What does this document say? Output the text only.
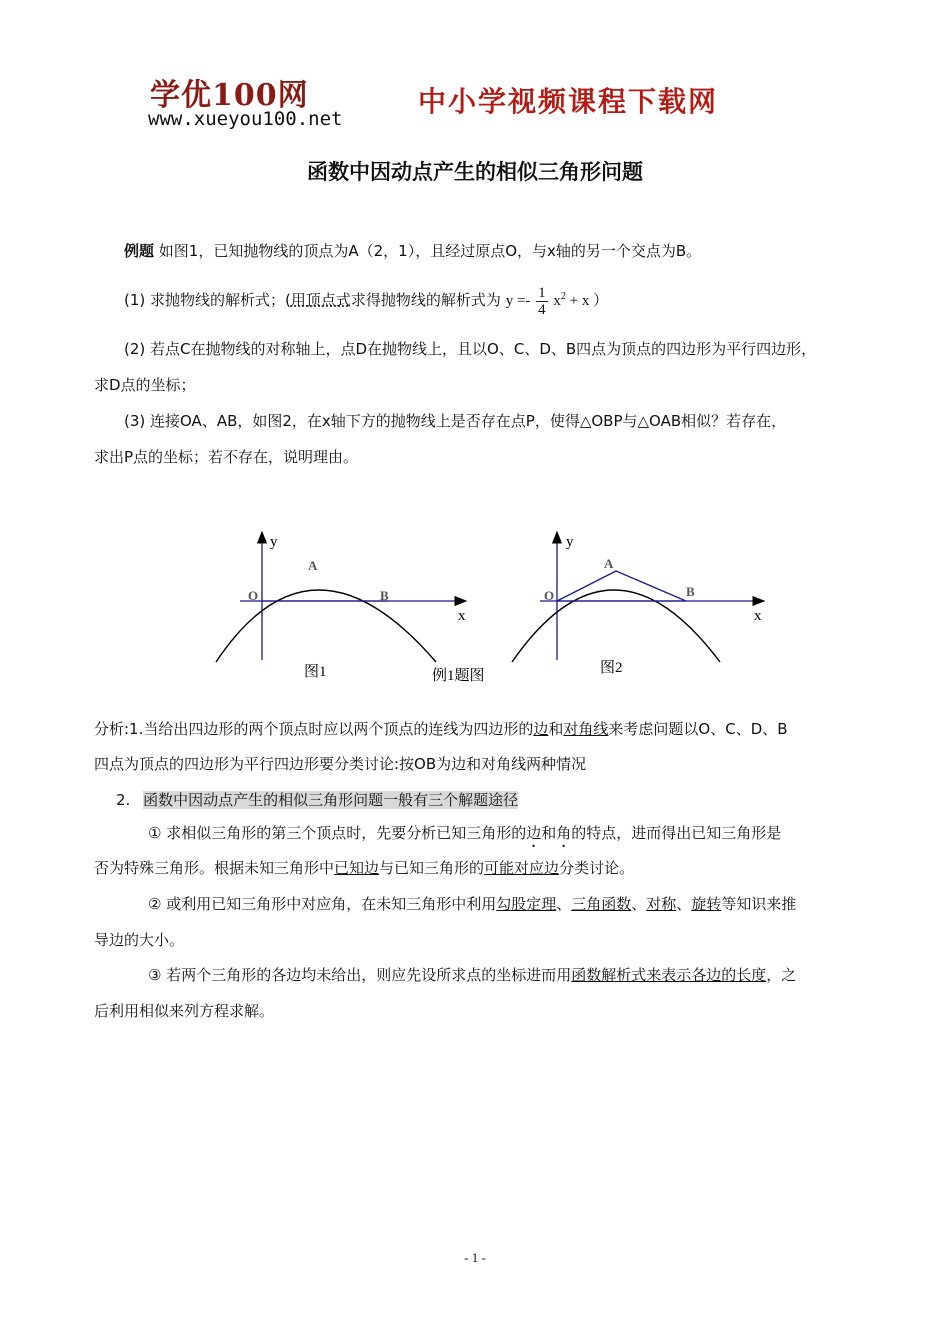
学优100网
www.xueyou100.net
中小学视频课程下载网
函数中因动点产生的相似三角形问题
例题 如图1，已知抛物线的顶点为A（2，1），且经过原点O，与x轴的另一个交点为B。
(1) 求抛物线的解析式；(用顶点式求得抛物线的解析式为 $y =- \frac{1}{4} x^2 + x$ ）
(2) 若点C在抛物线的对称轴上，点D在抛物线上，且以O、C、D、B四点为顶点的四边形为平行四边形，
求D点的坐标；
(3) 连接OA、AB，如图2，在x轴下方的抛物线上是否存在点P，使得△OBP与△OAB相似？若存在，
求出P点的坐标；若不存在，说明理由。
y
x
O
A
B
图1	例1题图
y
x
O
A
B
图2
分析:1.当给出四边形的两个顶点时应以两个顶点的连线为四边形的边和对角线来考虑问题以O、C、D、B
四点为顶点的四边形为平行四边形要分类讨论:按OB为边和对角线两种情况
2. 函数中因动点产生的相似三角形问题一般有三个解题途径
① 求相似三角形的第三个顶点时，先要分析已知三角形的边和角的特点，进而得出已知三角形是
否为特殊三角形。根据未知三角形中已知边与已知三角形的可能对应边分类讨论。
② 或利用已知三角形中对应角，在未知三角形中利用勾股定理、三角函数、对称、旋转等知识来推
导边的大小。
③ 若两个三角形的各边均未给出，则应先设所求点的坐标进而用函数解析式来表示各边的长度，之
后利用相似来列方程求解。
- 1 -
